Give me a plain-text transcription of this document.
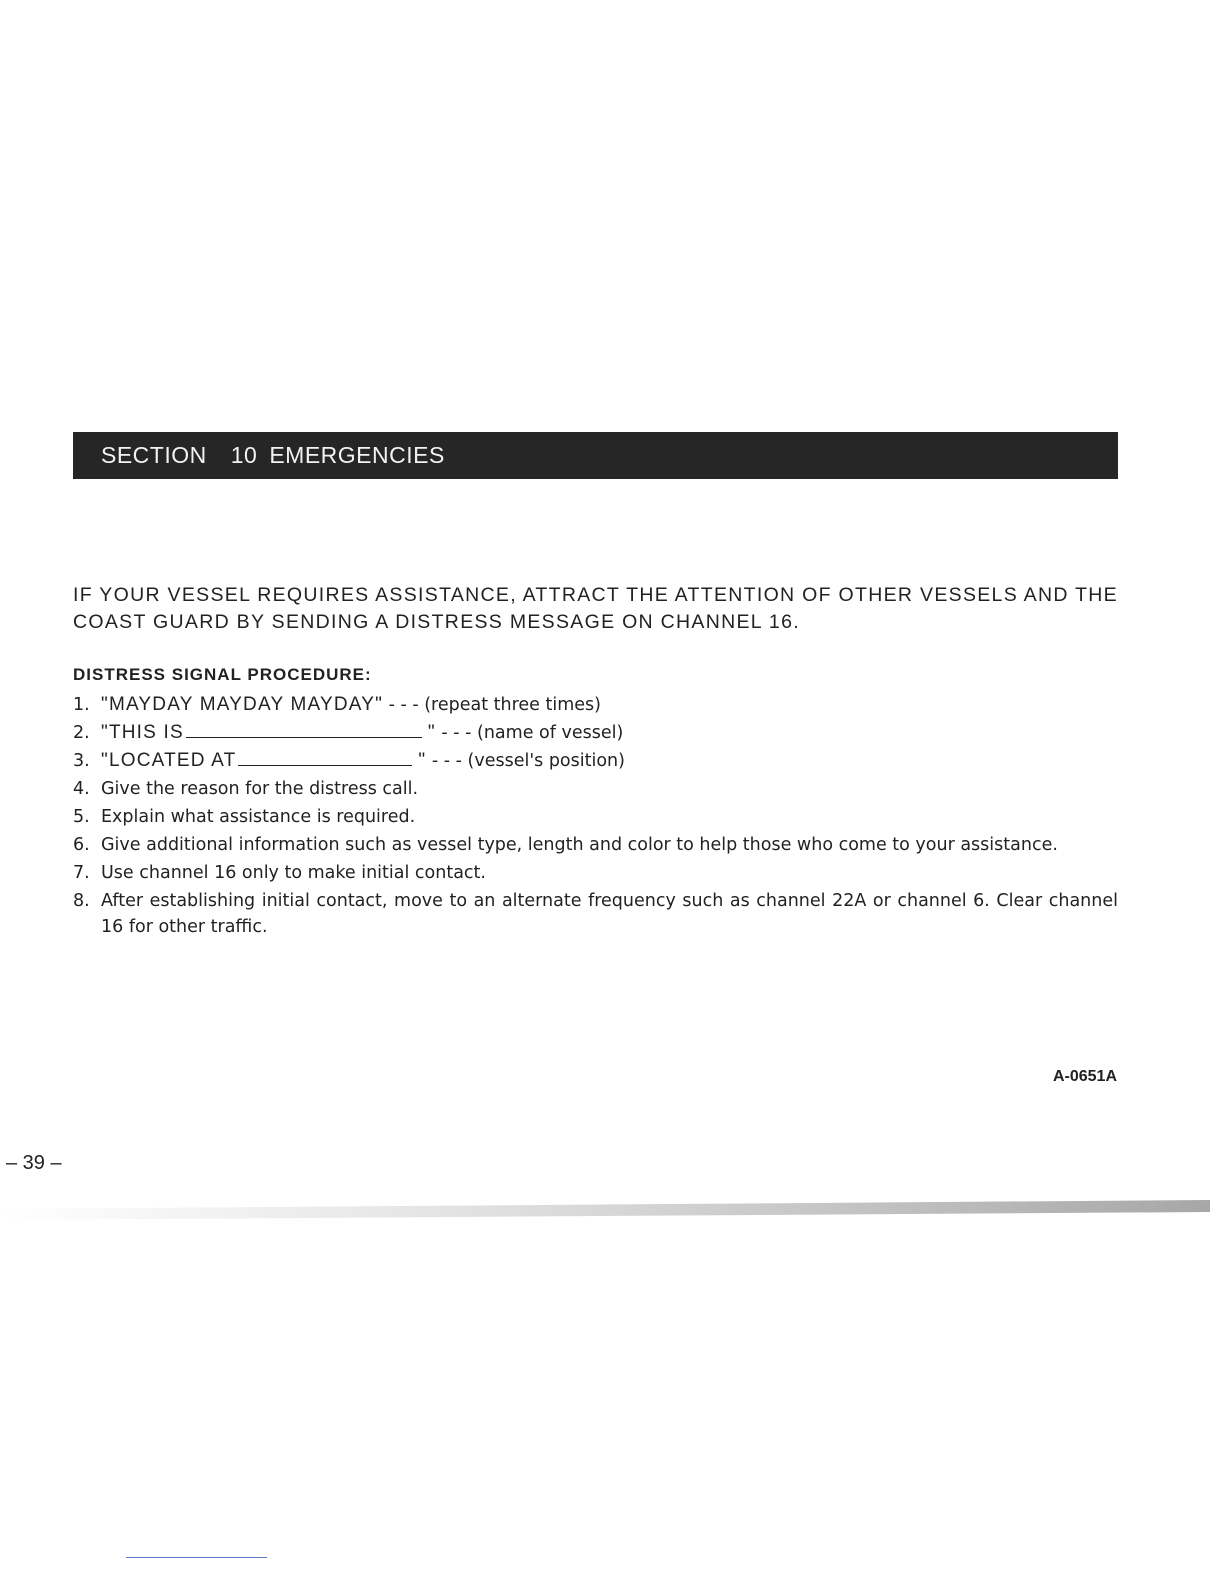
SECTION 10 EMERGENCIES

IF YOUR VESSEL REQUIRES ASSISTANCE, ATTRACT THE ATTENTION OF OTHER VESSELS AND THE COAST GUARD BY SENDING A DISTRESS MESSAGE ON CHANNEL 16.

DISTRESS SIGNAL PROCEDURE:

1. "MAYDAY MAYDAY MAYDAY" - - - (repeat three times)
2. "THIS IS	" - - - (name of vessel)
3. "LOCATED AT	" - - - (vessel's position)
4. Give the reason for the distress call.
5. Explain what assistance is required.
6. Give additional information such as vessel type, length and color to help those who come to your assistance.
7. Use channel 16 only to make initial contact.
8. After establishing initial contact, move to an alternate frequency such as channel 22A or channel 6. Clear channel 16 for other traffic.
A-0651A
– 39 –
